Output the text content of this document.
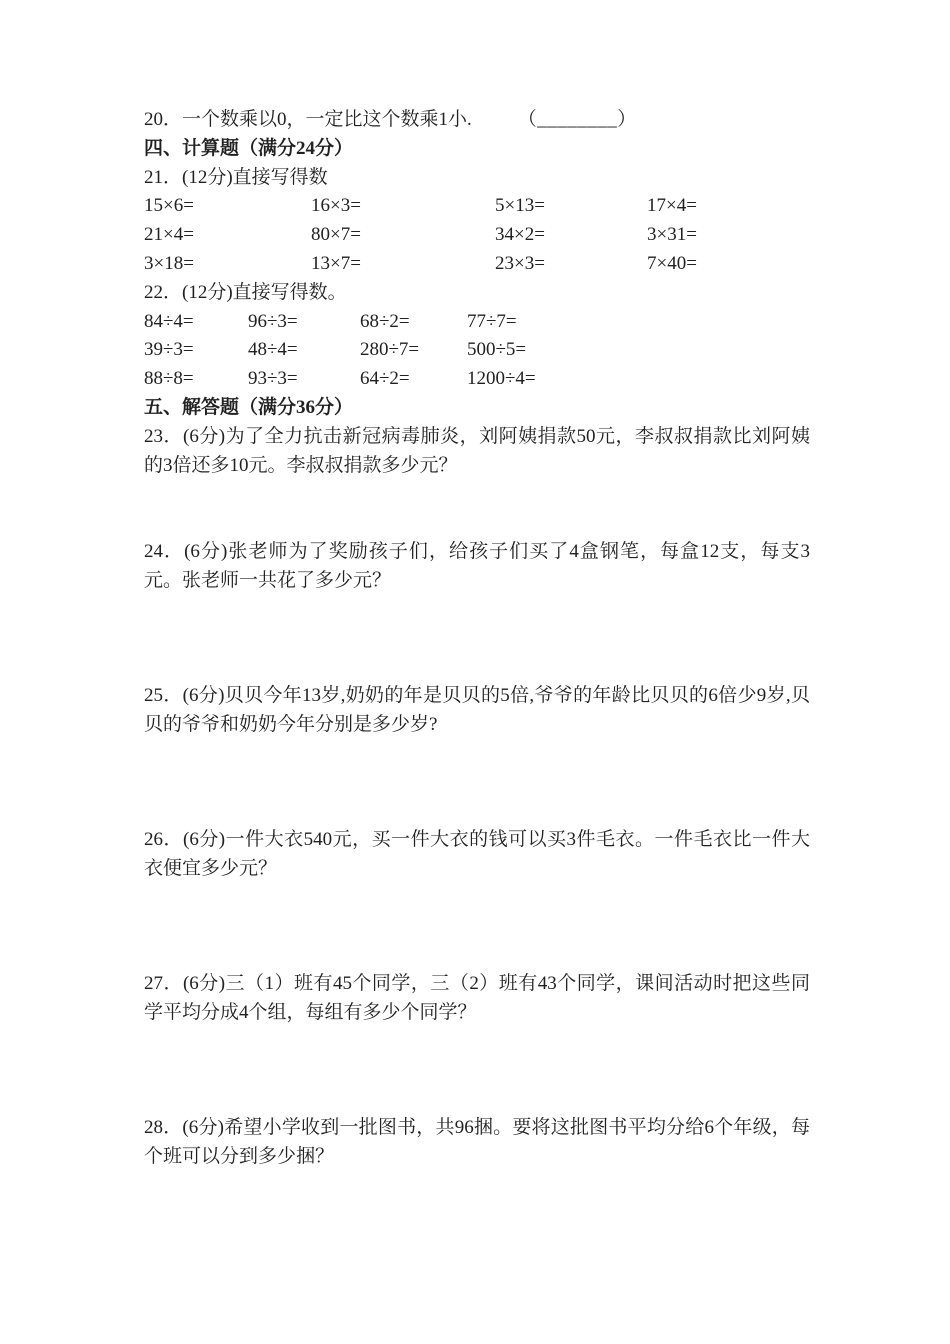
20．一个数乘以0，一定比这个数乘1小. （________）

四、计算题（满分24分）

21．(12分)直接写得数

15×6=	16×3=	5×13=	17×4=
21×4=	80×7=	34×2=	3×31=
3×18=	13×7=	23×3=	7×40=

22．(12分)直接写得数。

84÷4=	96÷3=	68÷2=	77÷7=
39÷3=	48÷4=	280÷7=	500÷5=
88÷8=	93÷3=	64÷2=	1200÷4=

五、解答题（满分36分）

23．(6分)为了全力抗击新冠病毒肺炎，刘阿姨捐款50元，李叔叔捐款比刘阿姨的3倍还多10元。李叔叔捐款多少元？

24．(6分)张老师为了奖励孩子们，给孩子们买了4盒钢笔，每盒12支，每支3元。张老师一共花了多少元？

25．(6分)贝贝今年13岁,奶奶的年是贝贝的5倍,爷爷的年龄比贝贝的6倍少9岁,贝贝的爷爷和奶奶今年分别是多少岁?

26．(6分)一件大衣540元，买一件大衣的钱可以买3件毛衣。一件毛衣比一件大衣便宜多少元？

27．(6分)三（1）班有45个同学，三（2）班有43个同学，课间活动时把这些同学平均分成4个组，每组有多少个同学？

28．(6分)希望小学收到一批图书，共96捆。要将这批图书平均分给6个年级，每个班可以分到多少捆？
